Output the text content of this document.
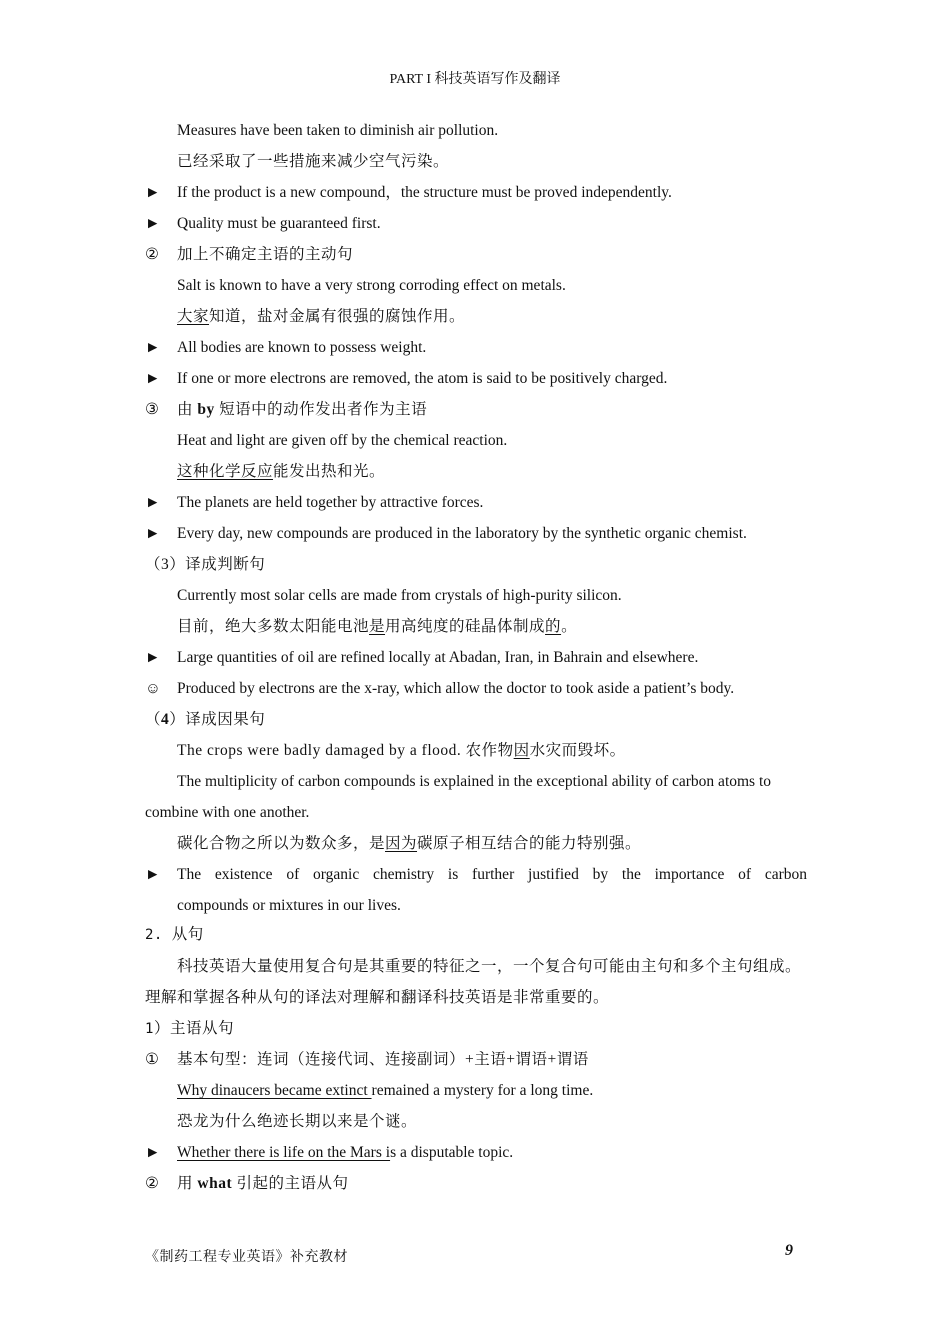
PART I 科技英语写作及翻译
Measures have been taken to diminish air pollution.
已经采取了一些措施来减少空气污染。
►	If the product is a new compound，the structure must be proved independently.
►	Quality must be guaranteed first.
②	加上不确定主语的主动句
Salt is known to have a very strong corroding effect on metals.
大家知道，盐对金属有很强的腐蚀作用。
►	All bodies are known to possess weight.
►	If one or more electrons are removed, the atom is said to be positively charged.
③	由 by 短语中的动作发出者作为主语
Heat and light are given off by the chemical reaction.
这种化学反应能发出热和光。
►	The planets are held together by attractive forces.
►	Every day, new compounds are produced in the laboratory by the synthetic organic chemist.
（3）译成判断句
Currently most solar cells are made from crystals of high-purity silicon.
目前，绝大多数太阳能电池是用高纯度的硅晶体制成的。
►	Large quantities of oil are refined locally at Abadan, Iran, in Bahrain and elsewhere.
☺	Produced by electrons are the x-ray, which allow the doctor to took aside a patient’s body.
（4）译成因果句
The crops were badly damaged by a flood. 农作物因水灾而毁坏。
The multiplicity of carbon compounds is explained in the exceptional ability of carbon atoms to combine with one another.
碳化合物之所以为数众多，是因为碳原子相互结合的能力特别强。
►	The existence of organic chemistry is further justified by the importance of carbon
compounds or mixtures in our lives.
2. 从句
科技英语大量使用复合句是其重要的特征之一，一个复合句可能由主句和多个主句组成。理解和掌握各种从句的译法对理解和翻译科技英语是非常重要的。
1）主语从句
①	基本句型：连词（连接代词、连接副词）+主语+谓语+谓语
Why dinaucers became extinct remained a mystery for a long time.
恐龙为什么绝迹长期以来是个谜。
►	Whether there is life on the Mars is a disputable topic.
②	用 what 引起的主语从句
《制药工程专业英语》补充教材	9
